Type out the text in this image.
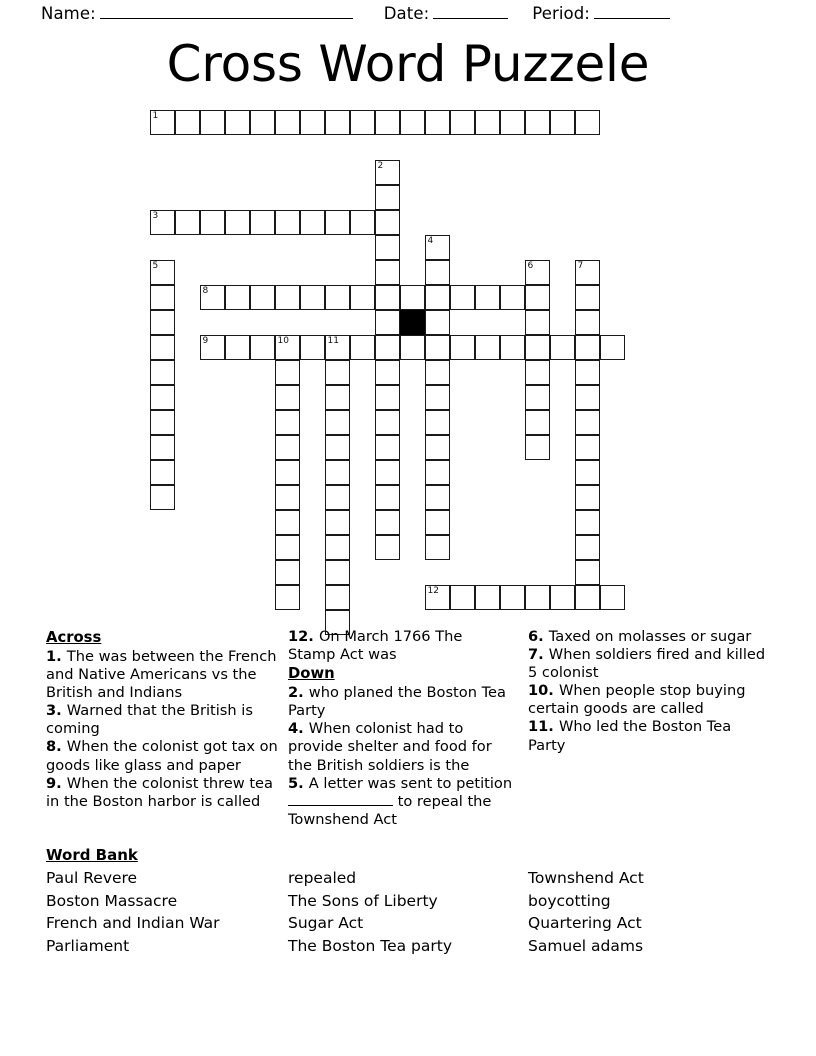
Name:	Date:	Period:
Cross Word Puzzele
1
2
3
4
5	6	7
8
9	10	11
12
Across
1. The was between the French and Native Americans vs the British and Indians
3. Warned that the British is coming
8. When the colonist got tax on goods like glass and paper
9. When the colonist threw tea in the Boston harbor is called
12. On March 1766 The Stamp Act was
Down
2. who planed the Boston Tea Party
4. When colonist had to provide shelter and food for the British soldiers is the
5. A letter was sent to petition  to repeal the Townshend Act
6. Taxed on molasses or sugar
7. When soldiers fired and killed 5 colonist
10. When people stop buying certain goods are called
11. Who led the Boston Tea Party
Word Bank
Paul Revere
Boston Massacre
French and Indian War
Parliament
repealed
The Sons of Liberty
Sugar Act
The Boston Tea party
Townshend Act
boycotting
Quartering Act
Samuel adams
